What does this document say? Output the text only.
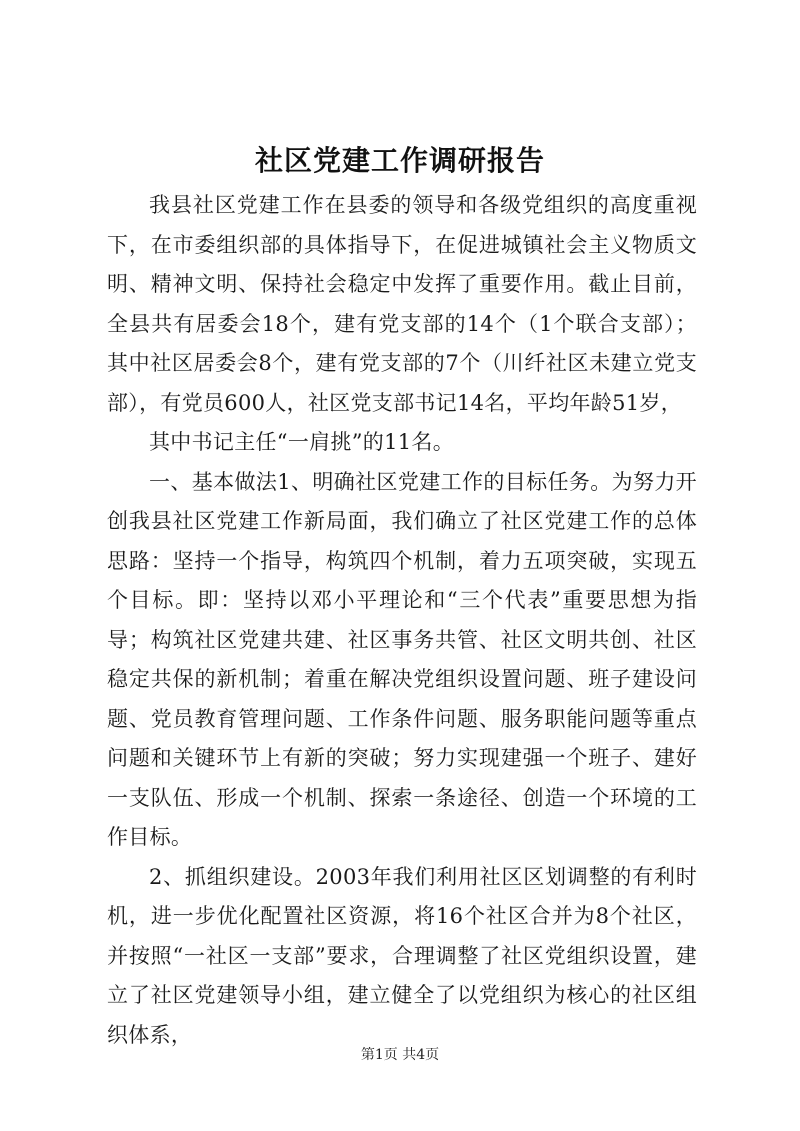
社区党建工作调研报告

我县社区党建工作在县委的领导和各级党组织的高度重视下，在市委组织部的具体指导下，在促进城镇社会主义物质文明、精神文明、保持社会稳定中发挥了重要作用。截止目前，全县共有居委会18个，建有党支部的14个（1个联合支部）；其中社区居委会8个，建有党支部的7个（川纤社区未建立党支部），有党员600人，社区党支部书记14名，平均年龄51岁，

其中书记主任“一肩挑”的11名。

一、基本做法1、明确社区党建工作的目标任务。为努力开创我县社区党建工作新局面，我们确立了社区党建工作的总体思路：坚持一个指导，构筑四个机制，着力五项突破，实现五个目标。即：坚持以邓小平理论和“三个代表”重要思想为指导；构筑社区党建共建、社区事务共管、社区文明共创、社区稳定共保的新机制；着重在解决党组织设置问题、班子建设问题、党员教育管理问题、工作条件问题、服务职能问题等重点问题和关键环节上有新的突破；努力实现建强一个班子、建好一支队伍、形成一个机制、探索一条途径、创造一个环境的工作目标。

2、抓组织建设。2003年我们利用社区区划调整的有利时机，进一步优化配置社区资源，将16个社区合并为8个社区，并按照“一社区一支部”要求，合理调整了社区党组织设置，建立了社区党建领导小组，建立健全了以党组织为核心的社区组织体系，

第1页 共4页
